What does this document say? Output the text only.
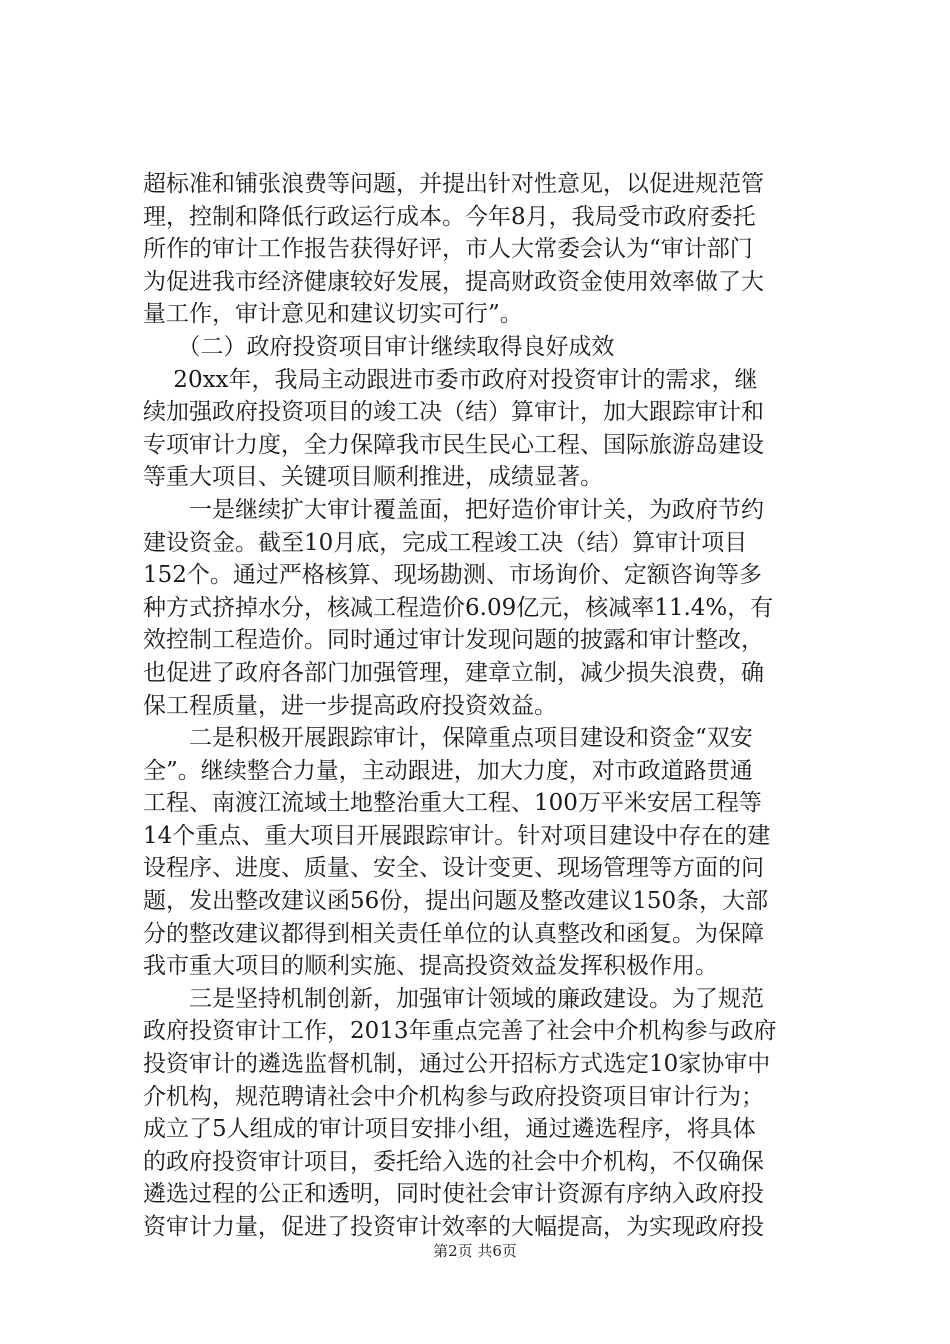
超标准和铺张浪费等问题，并提出针对性意见，以促进规范管
理，控制和降低行政运行成本。今年8月，我局受市政府委托
所作的审计工作报告获得好评，市人大常委会认为“审计部门
为促进我市经济健康较好发展，提高财政资金使用效率做了大
量工作，审计意见和建议切实可行”。
　　（二）政府投资项目审计继续取得良好成效
　 20xx年，我局主动跟进市委市政府对投资审计的需求，继
续加强政府投资项目的竣工决（结）算审计，加大跟踪审计和
专项审计力度，全力保障我市民生民心工程、国际旅游岛建设
等重大项目、关键项目顺利推进，成绩显著。
　　一是继续扩大审计覆盖面，把好造价审计关，为政府节约
建设资金。截至10月底，完成工程竣工决（结）算审计项目
152个。通过严格核算、现场勘测、市场询价、定额咨询等多
种方式挤掉水分，核减工程造价6.09亿元，核减率11.4%，有
效控制工程造价。同时通过审计发现问题的披露和审计整改，
也促进了政府各部门加强管理，建章立制，减少损失浪费，确
保工程质量，进一步提高政府投资效益。
　　二是积极开展跟踪审计，保障重点项目建设和资金“双安
全”。继续整合力量，主动跟进，加大力度，对市政道路贯通
工程、南渡江流域土地整治重大工程、100万平米安居工程等
14个重点、重大项目开展跟踪审计。针对项目建设中存在的建
设程序、进度、质量、安全、设计变更、现场管理等方面的问
题，发出整改建议函56份，提出问题及整改建议150条，大部
分的整改建议都得到相关责任单位的认真整改和函复。为保障
我市重大项目的顺利实施、提高投资效益发挥积极作用。
　　三是坚持机制创新，加强审计领域的廉政建设。为了规范
政府投资审计工作，2013年重点完善了社会中介机构参与政府
投资审计的遴选监督机制，通过公开招标方式选定10家协审中
介机构，规范聘请社会中介机构参与政府投资项目审计行为；
成立了5人组成的审计项目安排小组，通过遴选程序，将具体
的政府投资审计项目，委托给入选的社会中介机构，不仅确保
遴选过程的公正和透明，同时使社会审计资源有序纳入政府投
资审计力量，促进了投资审计效率的大幅提高，为实现政府投
第2页 共6页
